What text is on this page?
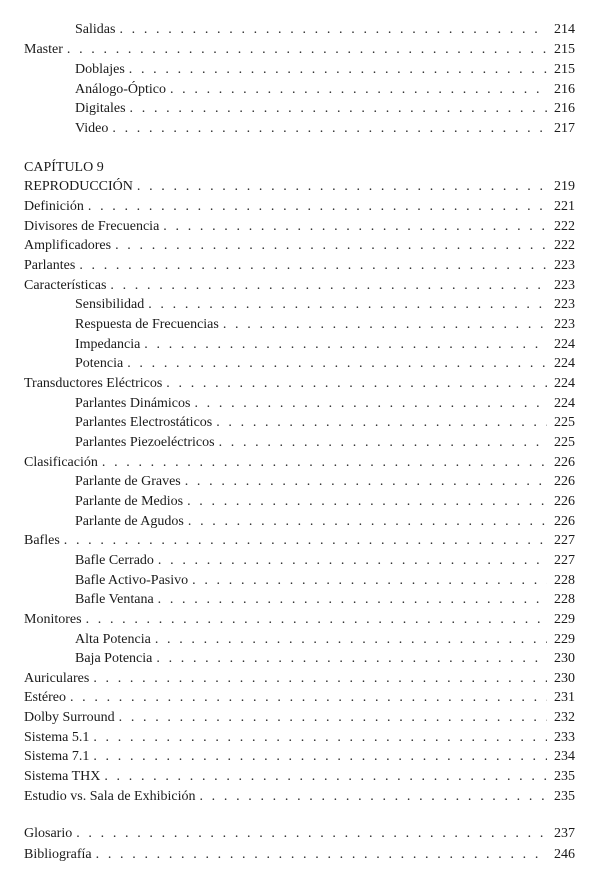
Salidas . . .	214
Master . . .	215
Doblajes . . .	215
Análogo-Óptico . . .	216
Digitales . . .	216
Video . . .	217
CAPÍTULO 9
REPRODUCCIÓN . . .	219
Definición . . .	221
Divisores de Frecuencia . . .	222
Amplificadores . . .	222
Parlantes . . .	223
Características . . .	223
Sensibilidad . . .	223
Respuesta de Frecuencias . . .	223
Impedancia . . .	224
Potencia . . .	224
Transductores Eléctricos . . .	224
Parlantes Dinámicos . . .	224
Parlantes Electrostáticos . . .	225
Parlantes Piezoeléctricos . . .	225
Clasificación . . .	226
Parlante de Graves . . .	226
Parlante de Medios . . .	226
Parlante de Agudos . . .	226
Bafles . . .	227
Bafle Cerrado . . .	227
Bafle Activo-Pasivo . . .	228
Bafle Ventana . . .	228
Monitores . . .	229
Alta Potencia . . .	229
Baja Potencia . . .	230
Auriculares . . .	230
Estéreo . . .	231
Dolby Surround . . .	232
Sistema 5.1 . . .	233
Sistema 7.1 . . .	234
Sistema THX . . .	235
Estudio vs. Sala de Exhibición . . .	235
Glosario . . .	237
Bibliografía . . .	246
